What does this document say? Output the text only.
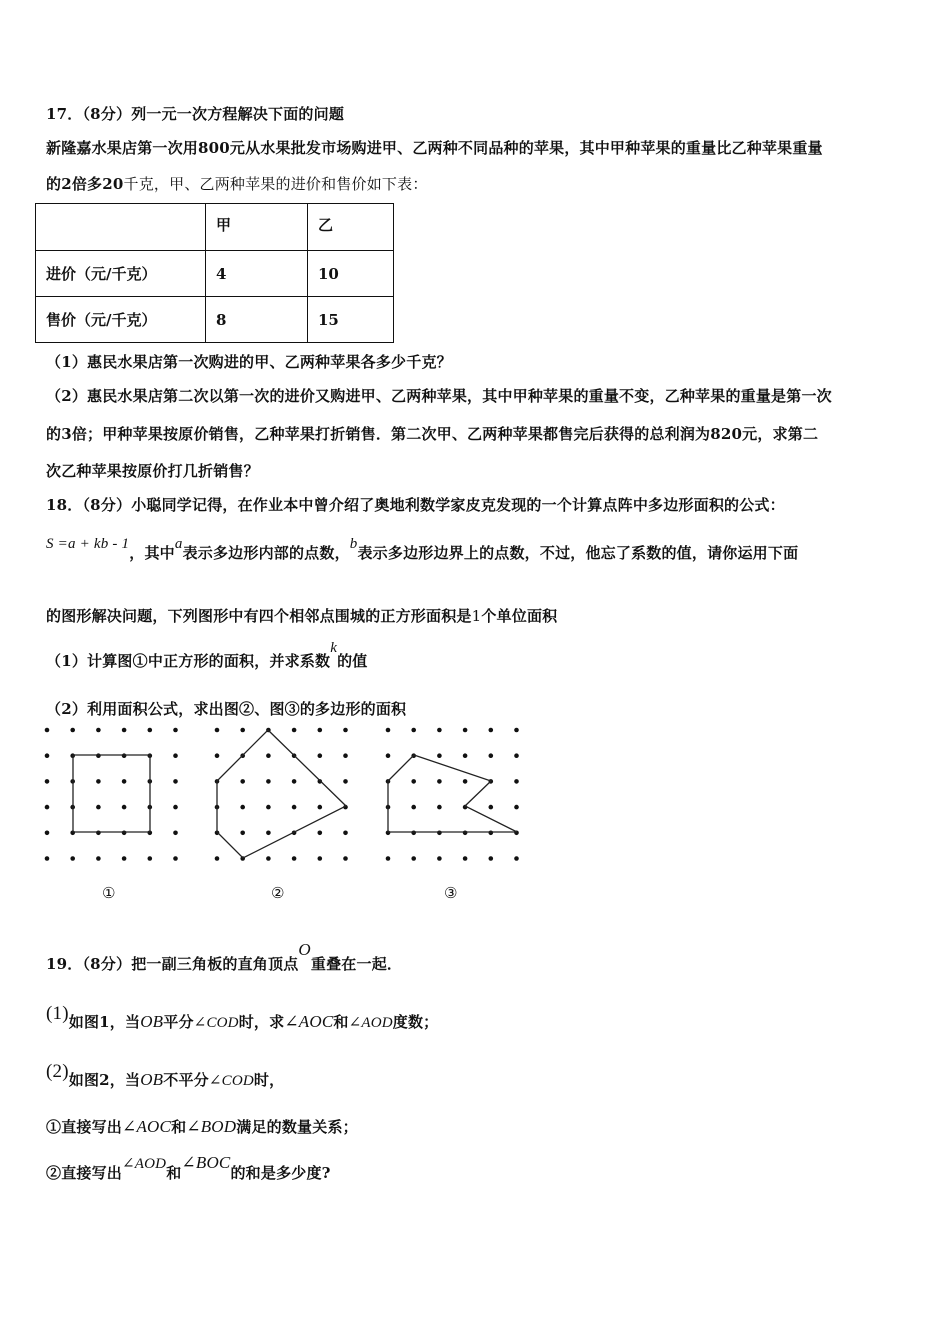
17．（8分）列一元一次方程解决下面的问题
新隆嘉水果店第一次用800元从水果批发市场购进甲、乙两种不同品种的苹果，其中甲种苹果的重量比乙种苹果重量
的2倍多20千克，甲、乙两种苹果的进价和售价如下表：
	甲	乙
进价（元/千克）	4	10
售价（元/千克）	8	15
（1）惠民水果店第一次购进的甲、乙两种苹果各多少千克？
（2）惠民水果店第二次以第一次的进价又购进甲、乙两种苹果，其中甲种苹果的重量不变，乙种苹果的重量是第一次
的3倍；甲种苹果按原价销售，乙种苹果打折销售．第二次甲、乙两种苹果都售完后获得的总利润为820元，求第二
次乙种苹果按原价打几折销售？
18．（8分）小聪同学记得，在作业本中曾介绍了奥地利数学家皮克发现的一个计算点阵中多边形面积的公式：
S =a + kb - 1，其中a表示多边形内部的点数，b表示多边形边界上的点数，不过，他忘了系数的值，请你运用下面
的图形解决问题，下列图形中有四个相邻点围城的正方形面积是1个单位面积
（1）计算图①中正方形的面积，并求系数k的值
（2）利用面积公式，求出图②、图③的多边形的面积
①	②	③
19．（8分）把一副三角板的直角顶点O重叠在一起．
(1)如图1，当OB平分∠COD时，求∠AOC和∠AOD度数；
(2)如图2，当OB不平分∠COD时，
①直接写出∠AOC和∠BOD满足的数量关系；
②直接写出∠AOD和∠BOC的和是多少度?
